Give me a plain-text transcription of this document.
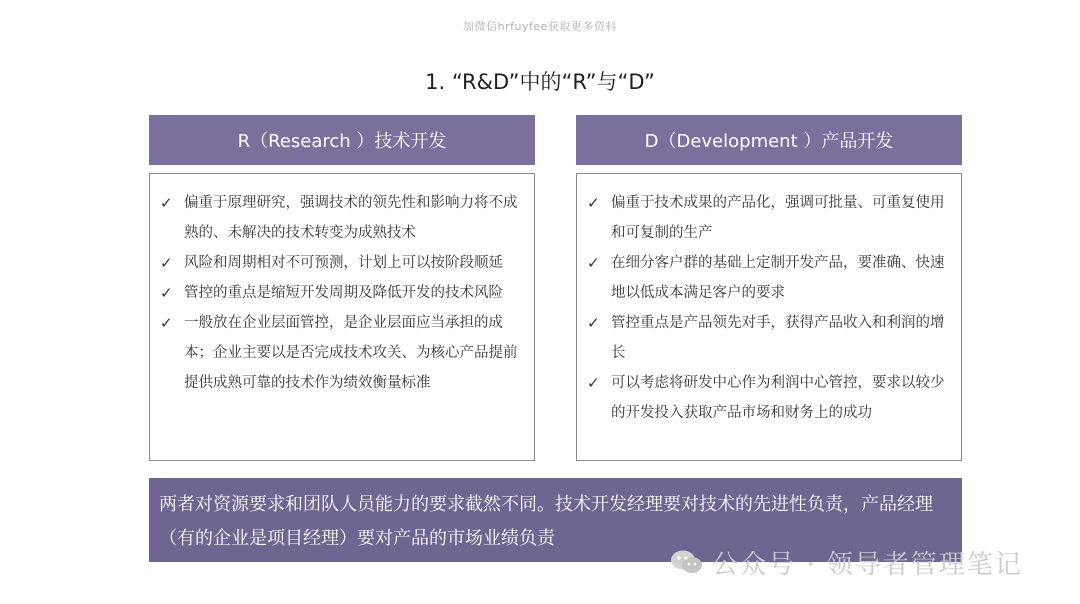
加微信hrfuyfee获取更多资料
1. “R&D”中的“R”与“D”
R（Research ）技术开发	D（Development ）产品开发
✓ 偏重于原理研究，强调技术的领先性和影响力将不成熟的、未解决的技术转变为成熟技术
✓ 风险和周期相对不可预测，计划上可以按阶段顺延
✓ 管控的重点是缩短开发周期及降低开发的技术风险
✓ 一般放在企业层面管控，是企业层面应当承担的成本；企业主要以是否完成技术攻关、为核心产品提前提供成熟可靠的技术作为绩效衡量标准
✓ 偏重于技术成果的产品化，强调可批量、可重复使用和可复制的生产
✓ 在细分客户群的基础上定制开发产品，要准确、快速地以低成本满足客户的要求
✓ 管控重点是产品领先对手，获得产品收入和利润的增长
✓ 可以考虑将研发中心作为利润中心管控，要求以较少的开发投入获取产品市场和财务上的成功
两者对资源要求和团队人员能力的要求截然不同。技术开发经理要对技术的先进性负责，产品经理（有的企业是项目经理）要对产品的市场业绩负责
公众号 · 领导者管理笔记
